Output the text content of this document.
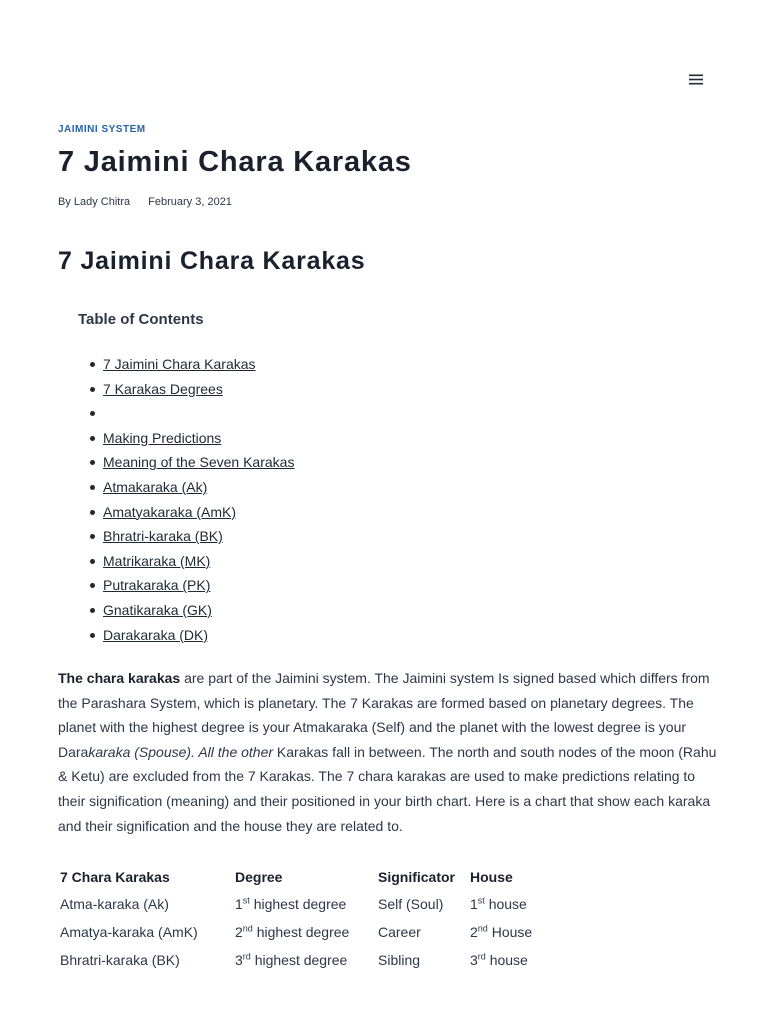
JAIMINI SYSTEM
7 Jaimini Chara Karakas
By Lady Chitra February 3, 2021
7 Jaimini Chara Karakas
Table of Contents
7 Jaimini Chara Karakas
7 Karakas Degrees
Making Predictions
Meaning of the Seven Karakas
Atmakaraka (Ak)
Amatyakaraka (AmK)
Bhratri-karaka (BK)
Matrikaraka (MK)
Putrakaraka (PK)
Gnatikaraka (GK)
Darakaraka (DK)

The chara karakas are part of the Jaimini system. The Jaimini system Is signed based which differs from the Parashara System, which is planetary. The 7 Karakas are formed based on planetary degrees. The planet with the highest degree is your Atmakaraka (Self) and the planet with the lowest degree is your Darakaraka (Spouse). All the other Karakas fall in between. The north and south nodes of the moon (Rahu & Ketu) are excluded from the 7 Karakas. The 7 chara karakas are used to make predictions relating to their signification (meaning) and their positioned in your birth chart. Here is a chart that show each karaka and their signification and the house they are related to.

7 Chara Karakas	Degree	Significator	House
Atma-karaka (Ak)	1st highest degree	Self (Soul)	1st house
Amatya-karaka (AmK)	2nd highest degree	Career	2nd House
Bhratri-karaka (BK)	3rd highest degree	Sibling	3rd house
